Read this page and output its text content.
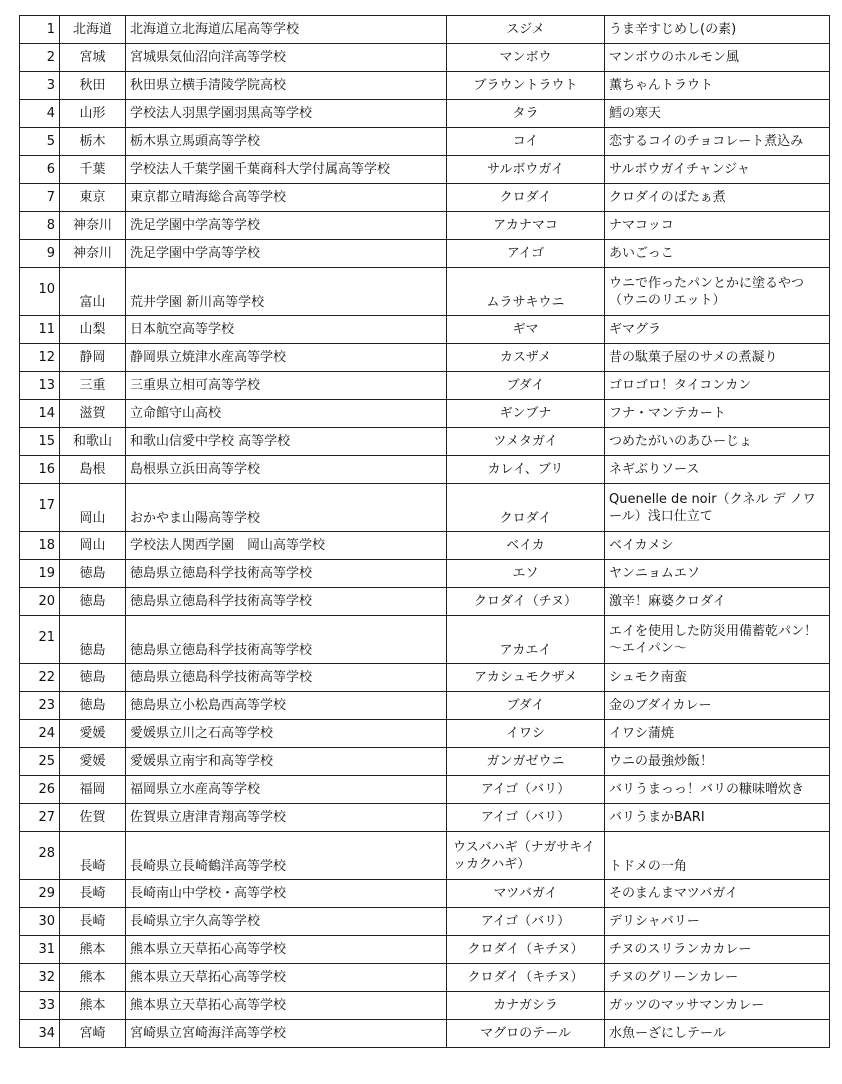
1	北海道	北海道立北海道広尾高等学校	スジメ	うま辛すじめし(の素)
2	宮城	宮城県気仙沼向洋高等学校	マンボウ	マンボウのホルモン風
3	秋田	秋田県立横手清陵学院高校	ブラウントラウト	薫ちゃんトラウト
4	山形	学校法人羽黒学園羽黒高等学校	タラ	鱈の寒天
5	栃木	栃木県立馬頭高等学校	コイ	恋するコイのチョコレート煮込み
6	千葉	学校法人千葉学園千葉商科大学付属高等学校	サルボウガイ	サルボウガイチャンジャ
7	東京	東京都立晴海総合高等学校	クロダイ	クロダイのばたぁ煮
8	神奈川	洗足学園中学高等学校	アカナマコ	ナマコッコ
9	神奈川	洗足学園中学高等学校	アイゴ	あいごっこ
10	富山	荒井学園 新川高等学校	ムラサキウニ	ウニで作ったパンとかに塗るやつ（ウニのリエット）
11	山梨	日本航空高等学校	ギマ	ギマグラ
12	静岡	静岡県立焼津水産高等学校	カスザメ	昔の駄菓子屋のサメの煮凝り
13	三重	三重県立相可高等学校	ブダイ	ゴロゴロ！タイコンカン
14	滋賀	立命館守山高校	ギンブナ	フナ・マンテカート
15	和歌山	和歌山信愛中学校 高等学校	ツメタガイ	つめたがいのあひーじょ
16	島根	島根県立浜田高等学校	カレイ、ブリ	ネギぶりソース
17	岡山	おかやま山陽高等学校	クロダイ	Quenelle de noir（クネル デ ノワール）浅口仕立て
18	岡山	学校法人関西学園　岡山高等学校	ベイカ	ベイカメシ
19	徳島	徳島県立徳島科学技術高等学校	エソ	ヤンニョムエソ
20	徳島	徳島県立徳島科学技術高等学校	クロダイ（チヌ）	激辛！麻婆クロダイ
21	徳島	徳島県立徳島科学技術高等学校	アカエイ	エイを使用した防災用備蓄乾パン！～エイパン～
22	徳島	徳島県立徳島科学技術高等学校	アカシュモクザメ	シュモク南蛮
23	徳島	徳島県立小松島西高等学校	ブダイ	金のブダイカレー
24	愛媛	愛媛県立川之石高等学校	イワシ	イワシ蒲焼
25	愛媛	愛媛県立南宇和高等学校	ガンガゼウニ	ウニの最強炒飯！
26	福岡	福岡県立水産高等学校	アイゴ（バリ）	バリうまっっ！バリの糠味噌炊き
27	佐賀	佐賀県立唐津青翔高等学校	アイゴ（バリ）	バリうまかBARI
28	長崎	長崎県立長崎鶴洋高等学校	ウスバハギ（ナガサキイッカクハギ）	トドメの一角
29	長崎	長崎南山中学校・高等学校	マツバガイ	そのまんまマツバガイ
30	長崎	長崎県立宇久高等学校	アイゴ（バリ）	デリシャバリー
31	熊本	熊本県立天草拓心高等学校	クロダイ（キチヌ）	チヌのスリランカカレー
32	熊本	熊本県立天草拓心高等学校	クロダイ（キチヌ）	チヌのグリーンカレー
33	熊本	熊本県立天草拓心高等学校	カナガシラ	ガッツのマッサマンカレー
34	宮崎	宮崎県立宮崎海洋高等学校	マグロのテール	水魚ーざにしテール
